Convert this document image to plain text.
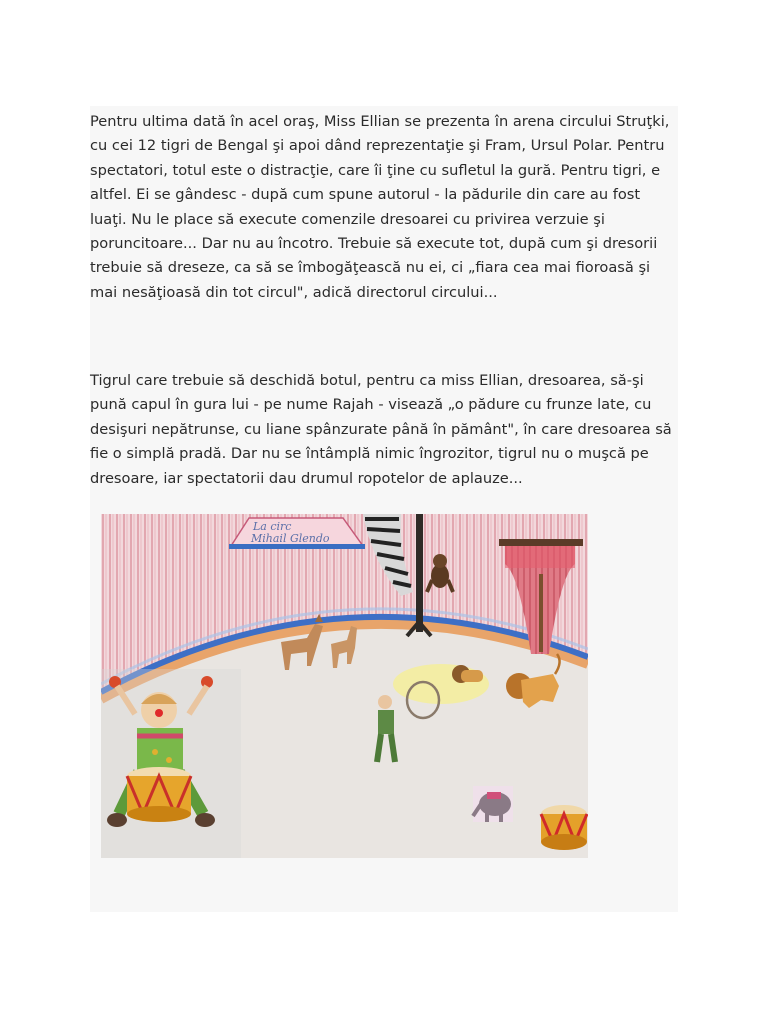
Pentru ultima dată în acel oraş, Miss Ellian se prezenta în arena circului Struţki, cu cei 12 tigri de Bengal şi apoi dând reprezentaţie şi Fram, Ursul Polar. Pentru spectatori, totul este o distracţie, care îi ţine cu sufletul la gură. Pentru tigri, e altfel. Ei se gândesc - după cum spune autorul - la pădurile din care au fost luaţi. Nu le place să execute comenzile dresoarei cu privirea verzuie şi poruncitoare... Dar nu au încotro. Trebuie să execute tot, după cum şi dresorii trebuie să dreseze, ca să se îmbogăţească nu ei, ci „fiara cea mai fioroasă şi mai nesăţioasă din tot circul", adică directorul circului...

Tigrul care trebuie să deschidă botul, pentru ca miss Ellian, dresoarea, să-şi pună capul în gura lui - pe nume Rajah - visează „o pădure cu frunze late, cu desişuri nepătrunse, cu liane spânzurate până în pământ", în care dresoarea să fie o simplă pradă. Dar nu se întâmplă nimic îngrozitor, tigrul nu o muşcă pe dresoare, iar spectatorii dau drumul ropotelor de aplauze...

La circ
Mihail Glendo
